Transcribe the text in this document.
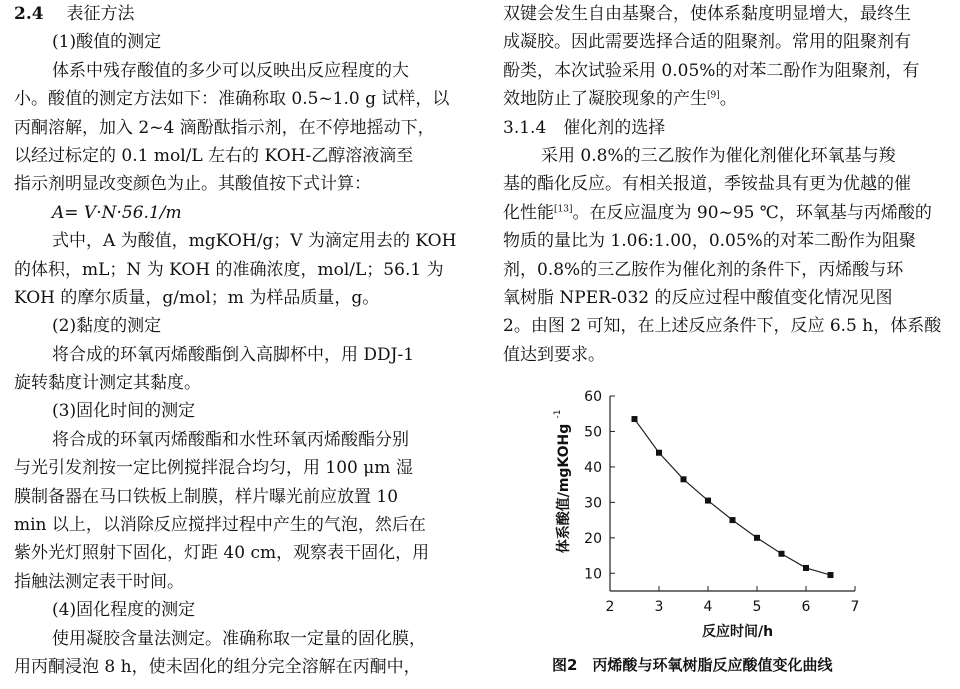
2.4　 表征方法
(1)酸值的测定
体系中残存酸值的多少可以反映出反应程度的大
小。酸值的测定方法如下：准确称取 0.5~1.0 g 试样，以
丙酮溶解，加入 2~4 滴酚酞指示剂，在不停地摇动下，
以经过标定的 0.1 mol/L 左右的 KOH-乙醇溶液滴至
指示剂明显改变颜色为止。其酸值按下式计算：
A= V·N·56.1/m
式中，A 为酸值，mgKOH/g；V 为滴定用去的 KOH
的体积，mL；N 为 KOH 的准确浓度，mol/L；56.1 为
KOH 的摩尔质量，g/mol；m 为样品质量，g。
(2)黏度的测定
将合成的环氧丙烯酸酯倒入高脚杯中，用 DDJ-1
旋转黏度计测定其黏度。
(3)固化时间的测定
将合成的环氧丙烯酸酯和水性环氧丙烯酸酯分别
与光引发剂按一定比例搅拌混合均匀，用 100 μm 湿
膜制备器在马口铁板上制膜，样片曝光前应放置 10
min 以上，以消除反应搅拌过程中产生的气泡，然后在
紫外光灯照射下固化，灯距 40 cm，观察表干固化，用
指触法测定表干时间。
(4)固化程度的测定
使用凝胶含量法测定。准确称取一定量的固化膜，
用丙酮浸泡 8 h，使未固化的组分完全溶解在丙酮中，
双键会发生自由基聚合，使体系黏度明显增大，最终生
成凝胶。因此需要选择合适的阻聚剂。常用的阻聚剂有
酚类，本次试验采用 0.05%的对苯二酚作为阻聚剂，有
效地防止了凝胶现象的产生[9]。
3.1.4　 催化剂的选择
采用 0.8%的三乙胺作为催化剂催化环氧基与羧
基的酯化反应。有相关报道，季铵盐具有更为优越的催
化性能[13]。在反应温度为 90~95 ℃，环氧基与丙烯酸的
物质的量比为 1.06:1.00，0.05%的对苯二酚作为阻聚
剂，0.8%的三乙胺作为催化剂的条件下，丙烯酸与环
氧树脂 NPER-032 的反应过程中酸值变化情况见图
2。由图 2 可知，在上述反应条件下，反应 6.5 h，体系酸
值达到要求。
10
20
30
40
50
60
2	3	4	5	6	7
反应时间/h
体系酸值/mgKOHg
-1
图2　丙烯酸与环氧树脂反应酸值变化曲线
